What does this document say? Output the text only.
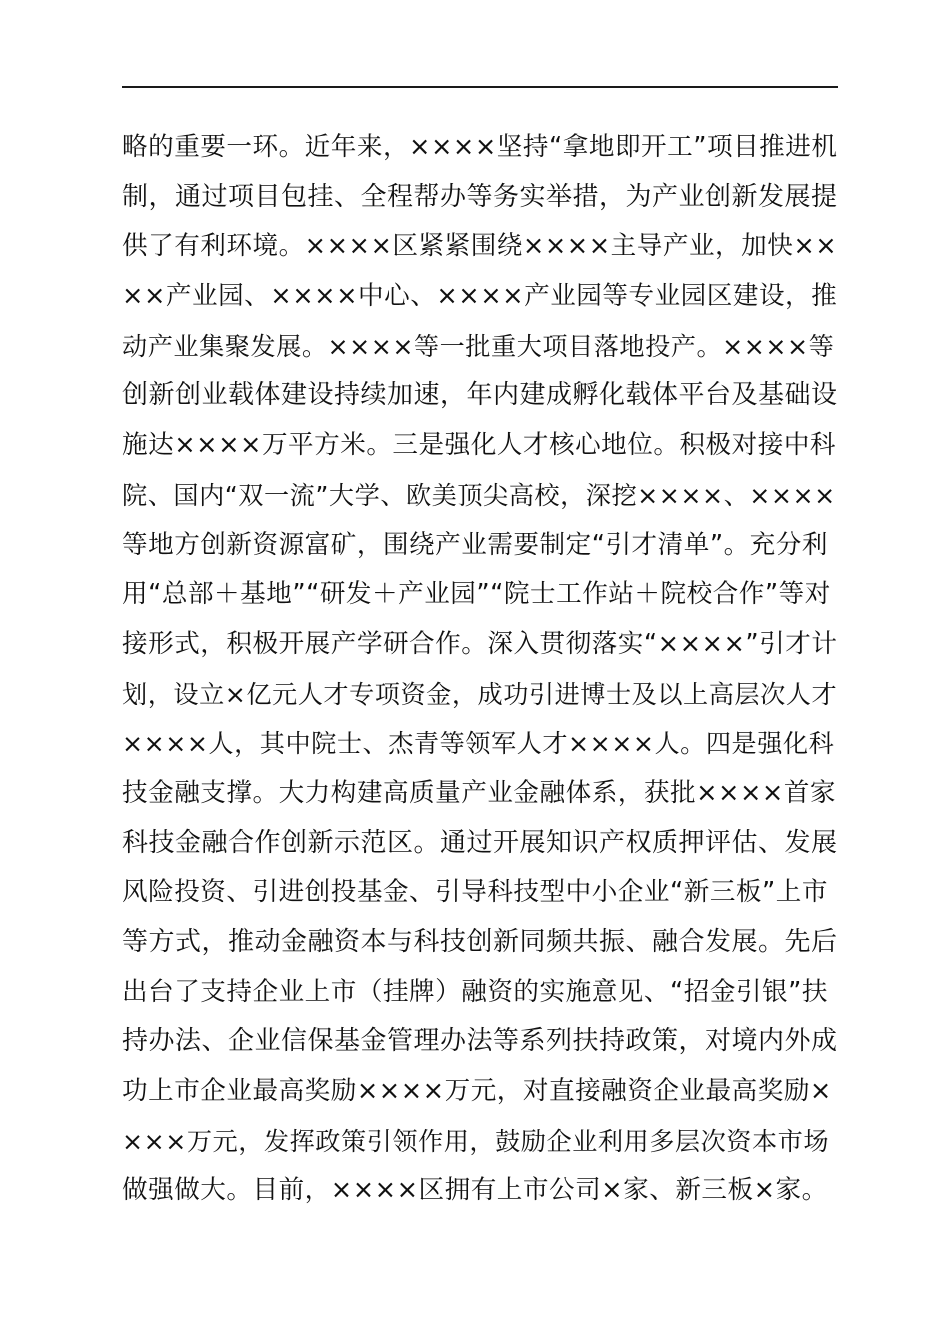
略的重要一环。近年来，××××坚持“拿地即开工”项目推进机
制，通过项目包挂、全程帮办等务实举措，为产业创新发展提
供了有利环境。××××区紧紧围绕××××主导产业，加快××
××产业园、××××中心、××××产业园等专业园区建设，推
动产业集聚发展。××××等一批重大项目落地投产。××××等
创新创业载体建设持续加速，年内建成孵化载体平台及基础设
施达××××万平方米。三是强化人才核心地位。积极对接中科
院、国内“双一流”大学、欧美顶尖高校，深挖××××、××××
等地方创新资源富矿，围绕产业需要制定“引才清单”。充分利
用“总部＋基地”“研发＋产业园”“院士工作站＋院校合作”等对
接形式，积极开展产学研合作。深入贯彻落实“××××”引才计
划，设立×亿元人才专项资金，成功引进博士及以上高层次人才
××××人，其中院士、杰青等领军人才××××人。四是强化科
技金融支撑。大力构建高质量产业金融体系，获批××××首家
科技金融合作创新示范区。通过开展知识产权质押评估、发展
风险投资、引进创投基金、引导科技型中小企业“新三板”上市
等方式，推动金融资本与科技创新同频共振、融合发展。先后
出台了支持企业上市（挂牌）融资的实施意见、“招金引银”扶
持办法、企业信保基金管理办法等系列扶持政策，对境内外成
功上市企业最高奖励××××万元，对直接融资企业最高奖励×
×××万元，发挥政策引领作用，鼓励企业利用多层次资本市场
做强做大。目前，××××区拥有上市公司×家、新三板×家。
